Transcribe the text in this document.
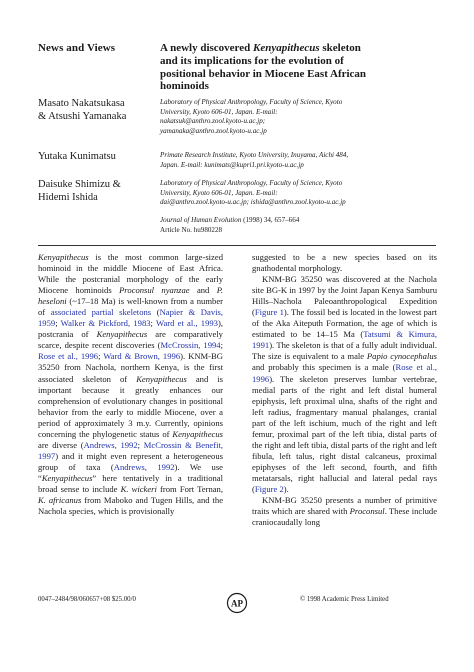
News and Views	A newly discovered Kenyapithecus skeleton
and its implications for the evolution of
positional behavior in Miocene East African
hominoids
Masato Nakatsukasa
& Atsushi Yamanaka
Laboratory of Physical Anthropology, Faculty of Science, Kyoto
University, Kyoto 606-01, Japan. E-mail:
nakatsuk@anthro.zool.kyoto-u.ac.jp;
yamanaka@anthro.zool.kyoto-u.ac.jp
Yutaka Kunimatsu	Primate Research Institute, Kyoto University, Inuyama, Aichi 484,
Japan. E-mail: kunimats@kupri1.pri.kyoto-u.ac.jp
Daisuke Shimizu &
Hidemi Ishida
Laboratory of Physical Anthropology, Faculty of Science, Kyoto
University, Kyoto 606-01, Japan. E-mail:
dai@anthro.zool.kyoto-u.ac.jp; ishida@anthro.zool.kyoto-u.ac.jp
Journal of Human Evolution (1998) 34, 657–664
Article No. hu980228

Kenyapithecus is the most common large-sized hominoid in the middle Miocene of East Africa. While the postcranial morphology of the early Miocene hominoids Proconsul nyanzae and P. heseloni (~17–18 Ma) is well-known from a number of associated partial skeletons (Napier & Davis, 1959; Walker & Pickford, 1983; Ward et al., 1993), postcrania of Kenyapithecus are comparatively scarce, despite recent discoveries (McCrossin, 1994; Rose et al., 1996; Ward & Brown, 1996). KNM-BG 35250 from Nachola, northern Kenya, is the first associated skeleton of Kenyapithecus and is important because it greatly enhances our comprehension of evolutionary changes in positional behavior from the early to middle Miocene, over a period of approximately 3 m.y. Currently, opinions concerning the phylogenetic status of Kenyapithecus are diverse (Andrews, 1992; McCrossin & Benefit, 1997) and it might even represent a heterogeneous group of taxa (Andrews, 1992). We use “Kenyapithecus” here tentatively in a traditional broad sense to include K. wickeri from Fort Ternan, K. africanus from Maboko and Tugen Hills, and the Nachola species, which is provisionally

suggested to be a new species based on its gnathodental morphology.

KNM-BG 35250 was discovered at the Nachola site BG-K in 1997 by the Joint Japan Kenya Samburu Hills–Nachola Paleoanthropological Expedition (Figure 1). The fossil bed is located in the lowest part of the Aka Aiteputh Formation, the age of which is estimated to be 14–15 Ma (Tatsumi & Kimura, 1991). The skeleton is that of a fully adult individual. The size is equivalent to a male Papio cynocephalus and probably this specimen is a male (Rose et al., 1996). The skeleton preserves lumbar vertebrae, medial parts of the right and left distal humeral epiphysis, left proximal ulna, shafts of the right and left radius, fragmentary manual phalanges, cranial part of the left ischium, much of the right and left femur, proximal part of the left tibia, distal parts of the right and left tibia, distal parts of the right and left fibula, left talus, right distal calcaneus, proximal epiphyses of the left second, fourth, and fifth metatarsals, right hallucial and lateral pedal rays (Figure 2).

KNM-BG 35250 presents a number of primitive traits which are shared with Proconsul. These include craniocaudally long

0047–2484/98/060657+08 $25.00/0	AP	© 1998 Academic Press Limited
